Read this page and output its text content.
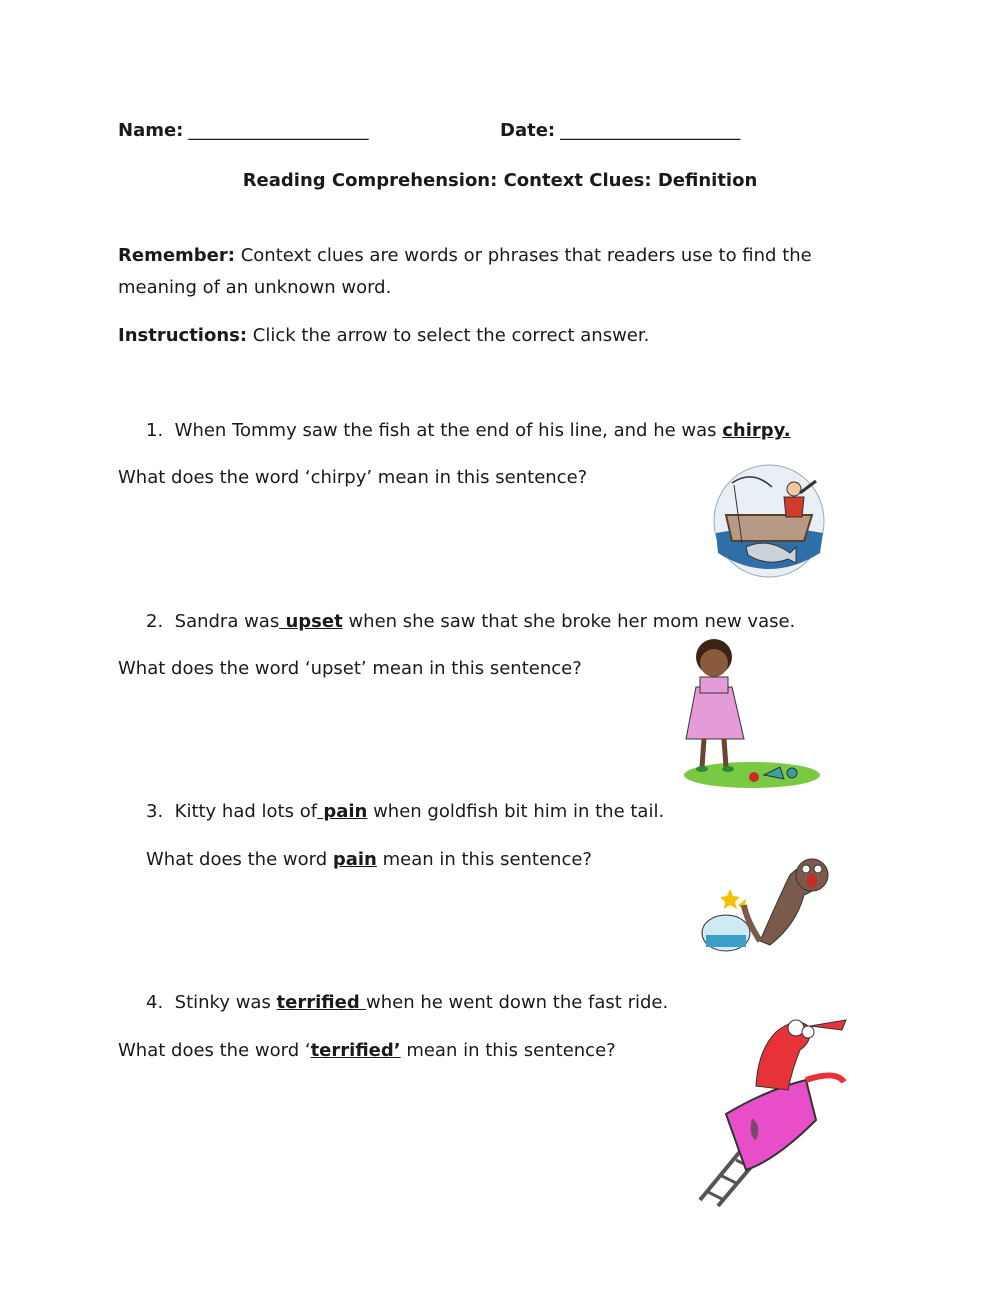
Name: ____________________	Date: ____________________
Reading Comprehension: Context Clues: Definition
Remember: Context clues are words or phrases that readers use to find the meaning of an unknown word.
Instructions: Click the arrow to select the correct answer.
1. When Tommy saw the fish at the end of his line, and he was chirpy.
What does the word ‘chirpy’ mean in this sentence?
2. Sandra was upset when she saw that she broke her mom new vase.
What does the word ‘upset’ mean in this sentence?
3. Kitty had lots of pain when goldfish bit him in the tail.
What does the word pain mean in this sentence?
4. Stinky was terrified when he went down the fast ride.
What does the word ‘terrified’ mean in this sentence?
